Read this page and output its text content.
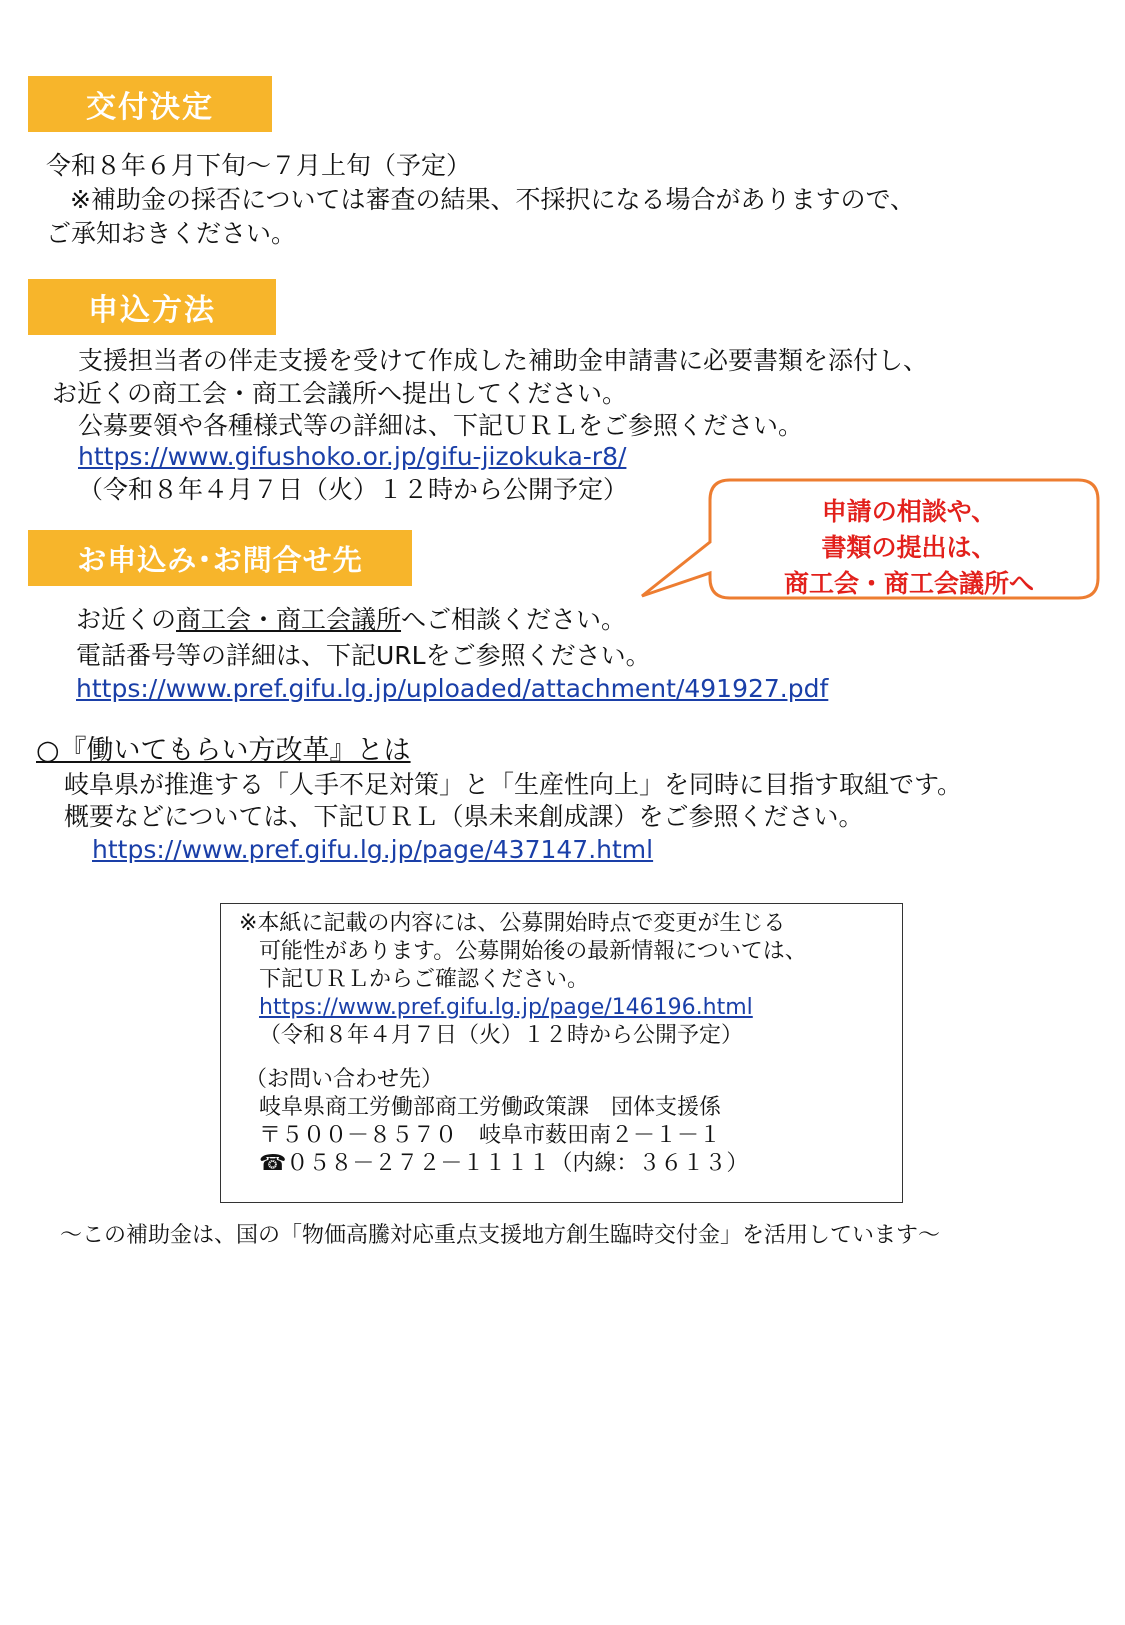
交付決定
令和８年６月下旬～７月上旬（予定）
※補助金の採否については審査の結果、不採択になる場合がありますので、
ご承知おきください。
申込方法
支援担当者の伴走支援を受けて作成した補助金申請書に必要書類を添付し、
お近くの商工会・商工会議所へ提出してください。
公募要領や各種様式等の詳細は、下記ＵＲＬをご参照ください。
https://www.gifushoko.or.jp/gifu-jizokuka-r8/
（令和８年４月７日（火）１２時から公開予定）
申請の相談や、
書類の提出は、
商工会・商工会議所へ
お申込み･お問合せ先
お近くの商工会・商工会議所へご相談ください。
電話番号等の詳細は、下記URLをご参照ください。
https://www.pref.gifu.lg.jp/uploaded/attachment/491927.pdf
○『働いてもらい方改革』とは
岐阜県が推進する「人手不足対策」と「生産性向上」を同時に目指す取組です。
概要などについては、下記ＵＲＬ（県未来創成課）をご参照ください。
https://www.pref.gifu.lg.jp/page/437147.html
※本紙に記載の内容には、公募開始時点で変更が生じる
可能性があります。公募開始後の最新情報については、
下記ＵＲＬからご確認ください。
https://www.pref.gifu.lg.jp/page/146196.html
（令和８年４月７日（火）１２時から公開予定）
（お問い合わせ先）
岐阜県商工労働部商工労働政策課　団体支援係
〒５００－８５７０　岐阜市薮田南２－１－１
☎０５８－２７２－１１１１（内線：３６１３）
～この補助金は、国の「物価高騰対応重点支援地方創生臨時交付金」を活用しています～
